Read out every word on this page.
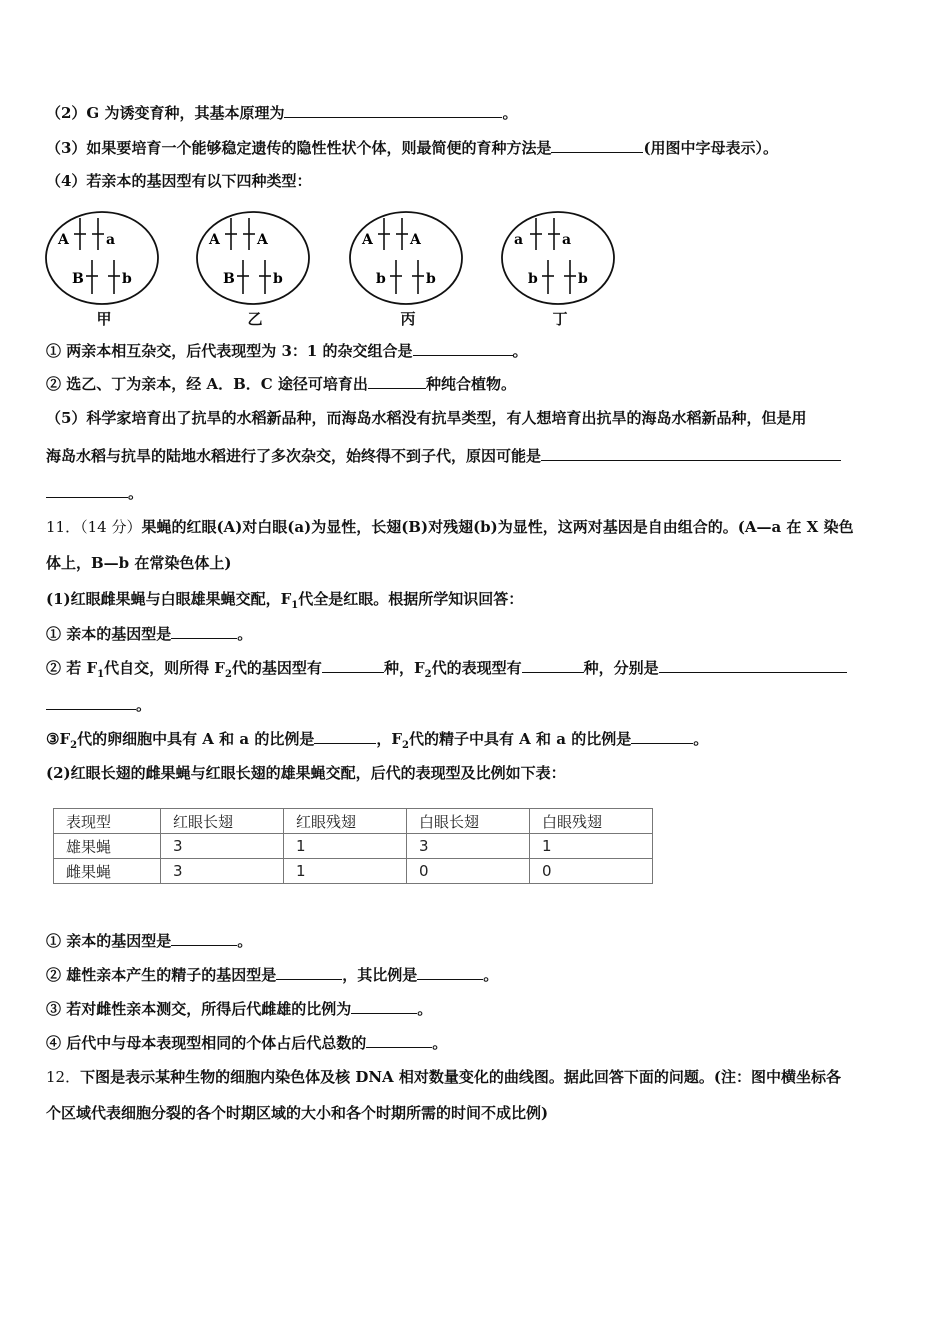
（2）G 为诱变育种，其基本原理为	。
（3）如果要培育一个能够稳定遗传的隐性性状个体，则最简便的育种方法是	(用图中字母表示）。
（4）若亲本的基因型有以下四种类型：
A	a
B	b
甲
A	A
B	b
乙
A	A
b	b
丙
a	a
b	b
丁
① 两亲本相互杂交，后代表现型为 3：1 的杂交组合是	。
② 选乙、丁为亲本，经 A．B．C 途径可培育出	种纯合植物。
（5）科学家培育出了抗旱的水稻新品种，而海岛水稻没有抗旱类型，有人想培育出抗旱的海岛水稻新品种，但是用
海岛水稻与抗旱的陆地水稻进行了多次杂交，始终得不到子代，原因可能是
。
11．（14 分）果蝇的红眼(A)对白眼(a)为显性，长翅(B)对残翅(b)为显性，这两对基因是自由组合的。(A—a 在 X 染色
体上，B—b 在常染色体上)
(1)红眼雌果蝇与白眼雄果蝇交配，$F_1$代全是红眼。根据所学知识回答：
① 亲本的基因型是	。
② 若 $F_1$代自交，则所得 $F_2$代的基因型有	种，$F_2$代的表现型有	种，分别是
。
$③F_2$代的卵细胞中具有 A 和 a 的比例是	，$F_2$代的精子中具有 A 和 a 的比例是	。
(2)红眼长翅的雌果蝇与红眼长翅的雄果蝇交配，后代的表现型及比例如下表：
表现型	红眼长翅	红眼残翅	白眼长翅	白眼残翅
雄果蝇	3	1	3	1
雌果蝇	3	1	0	0
① 亲本的基因型是	。
② 雄性亲本产生的精子的基因型是	，其比例是	。
③ 若对雌性亲本测交，所得后代雌雄的比例为	。
④ 后代中与母本表现型相同的个体占后代总数的	。
12．下图是表示某种生物的细胞内染色体及核 DNA 相对数量变化的曲线图。据此回答下面的问题。(注：图中横坐标各
个区域代表细胞分裂的各个时期区域的大小和各个时期所需的时间不成比例)
